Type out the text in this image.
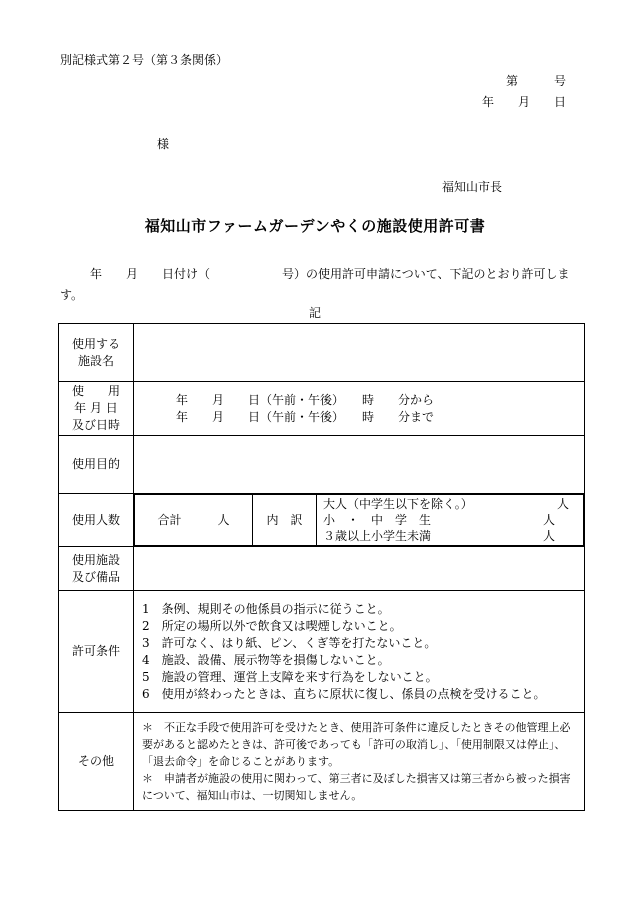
別記様式第２号（第３条関係）
第　　　号
年　　月　　日
様
福知山市長
福知山市ファームガーデンやくの施設使用許可書
年　　月　　日付け（　　　　　　号）の使用許可申請について、下記のとおり許可します。
記
使用する
施設名

使　　用
年 月 日
及び日時

年　　月　　日（午前・午後）　　時　　分から
年　　月　　日（午前・午後）　　時　　分まで

使用目的	
使用人数		合計　　　人	内　訳	
大人（中学生以下を除く。）	人
小　・　中　学　生	人
３歳以上小学生未満	人

使用施設
及び備品

許可条件	
1　条例、規則その他係員の指示に従うこと。
2　所定の場所以外で飲食又は喫煙しないこと。
3　許可なく、はり紙、ピン、くぎ等を打たないこと。
4　施設、設備、展示物等を損傷しないこと。
5　施設の管理、運営上支障を来す行為をしないこと。
6　使用が終わったときは、直ちに原状に復し、係員の点検を受けること。

その他	
＊　不正な手段で使用許可を受けたとき、使用許可条件に違反したときその他管理上必要があると認めたときは、許可後であっても「許可の取消し」、「使用制限又は停止」、「退去命令」を命じることがあります。
＊　申請者が施設の使用に関わって、第三者に及ぼした損害又は第三者から被った損害について、福知山市は、一切関知しません。
